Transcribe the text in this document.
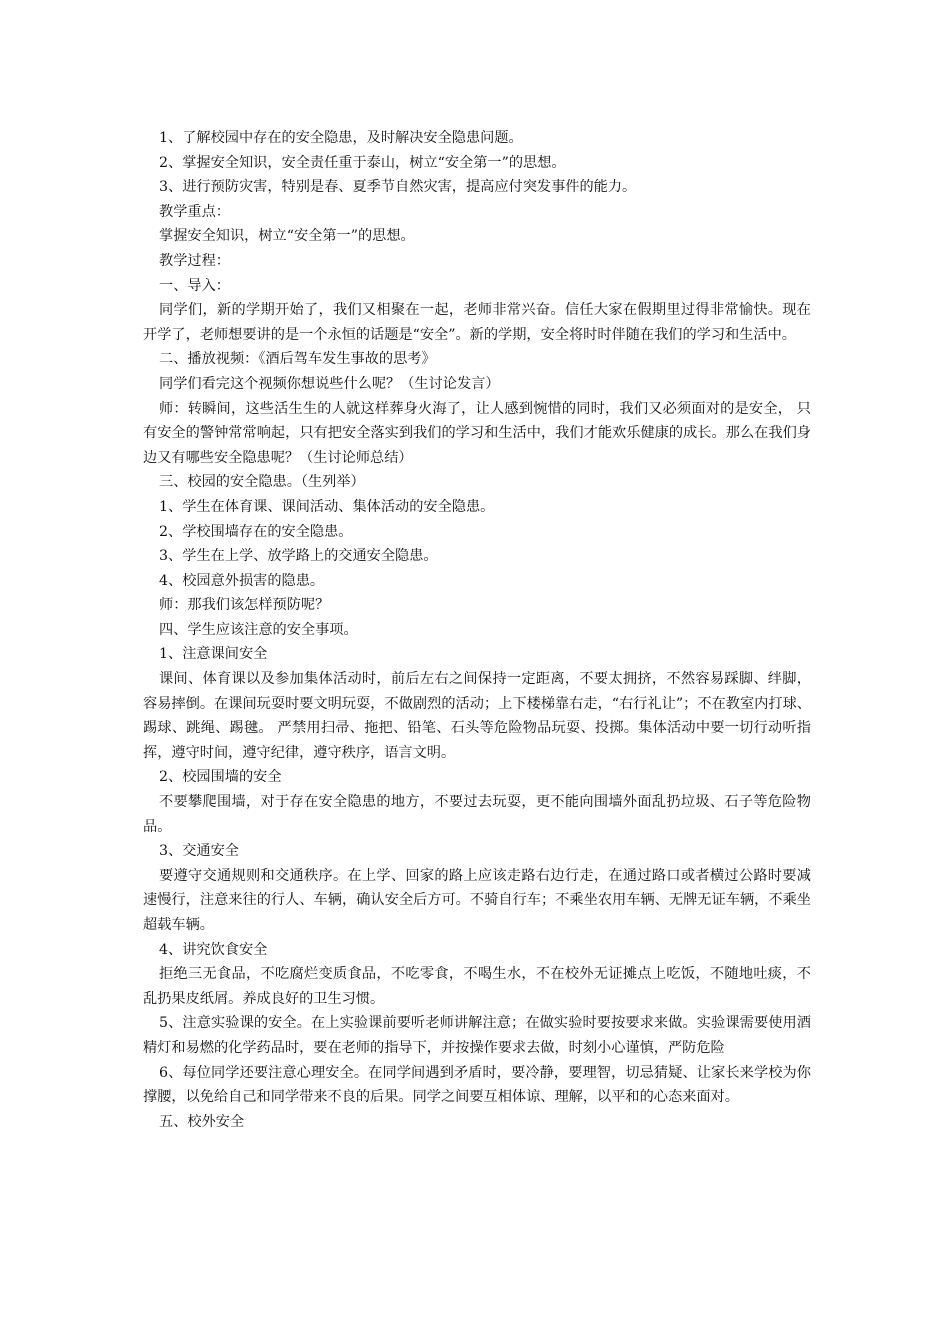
1、了解校园中存在的安全隐患，及时解决安全隐患问题。

2、掌握安全知识，安全责任重于泰山，树立“安全第一”的思想。

3、进行预防灾害，特别是春、夏季节自然灾害，提高应付突发事件的能力。

教学重点：

掌握安全知识，树立“安全第一”的思想。

教学过程：

一、导入：

同学们，新的学期开始了，我们又相聚在一起，老师非常兴奋。信任大家在假期里过得非常愉快。现在开学了，老师想要讲的是一个永恒的话题是“安全”。新的学期，安全将时时伴随在我们的学习和生活中。

二、播放视频：《酒后驾车发生事故的思考》

同学们看完这个视频你想说些什么呢？（生讨论发言）

师：转瞬间，这些活生生的人就这样葬身火海了，让人感到惋惜的同时，我们又必须面对的是安全， 只有安全的警钟常常响起，只有把安全落实到我们的学习和生活中，我们才能欢乐健康的成长。那么在我们身边又有哪些安全隐患呢？（生讨论师总结）

三、校园的安全隐患。（生列举）

1、学生在体育课、课间活动、集体活动的安全隐患。

2、学校围墙存在的安全隐患。

3、学生在上学、放学路上的交通安全隐患。

4、校园意外损害的隐患。

师：那我们该怎样预防呢？

四、学生应该注意的安全事项。

1、注意课间安全

课间、体育课以及参加集体活动时，前后左右之间保持一定距离，不要太拥挤，不然容易踩脚、绊脚，容易摔倒。在课间玩耍时要文明玩耍，不做剧烈的活动；上下楼梯靠右走，“右行礼让”；不在教室内打球、踢球、跳绳、踢毽。 严禁用扫帚、拖把、铅笔、石头等危险物品玩耍、投掷。集体活动中要一切行动听指挥，遵守时间，遵守纪律，遵守秩序，语言文明。

2、校园围墙的安全

不要攀爬围墙，对于存在安全隐患的地方，不要过去玩耍，更不能向围墙外面乱扔垃圾、石子等危险物品。

3、交通安全

要遵守交通规则和交通秩序。在上学、回家的路上应该走路右边行走，在通过路口或者横过公路时要减速慢行，注意来往的行人、车辆，确认安全后方可。不骑自行车；不乘坐农用车辆、无牌无证车辆，不乘坐超载车辆。

4、讲究饮食安全

拒绝三无食品，不吃腐烂变质食品，不吃零食，不喝生水，不在校外无证摊点上吃饭，不随地吐痰，不乱扔果皮纸屑。养成良好的卫生习惯。

5、注意实验课的安全。在上实验课前要听老师讲解注意；在做实验时要按要求来做。实验课需要使用酒精灯和易燃的化学药品时，要在老师的指导下，并按操作要求去做，时刻小心谨慎，严防危险

6、每位同学还要注意心理安全。在同学间遇到矛盾时，要冷静，要理智，切忌猜疑、让家长来学校为你撑腰，以免给自己和同学带来不良的后果。同学之间要互相体谅、理解，以平和的心态来面对。

五、校外安全
